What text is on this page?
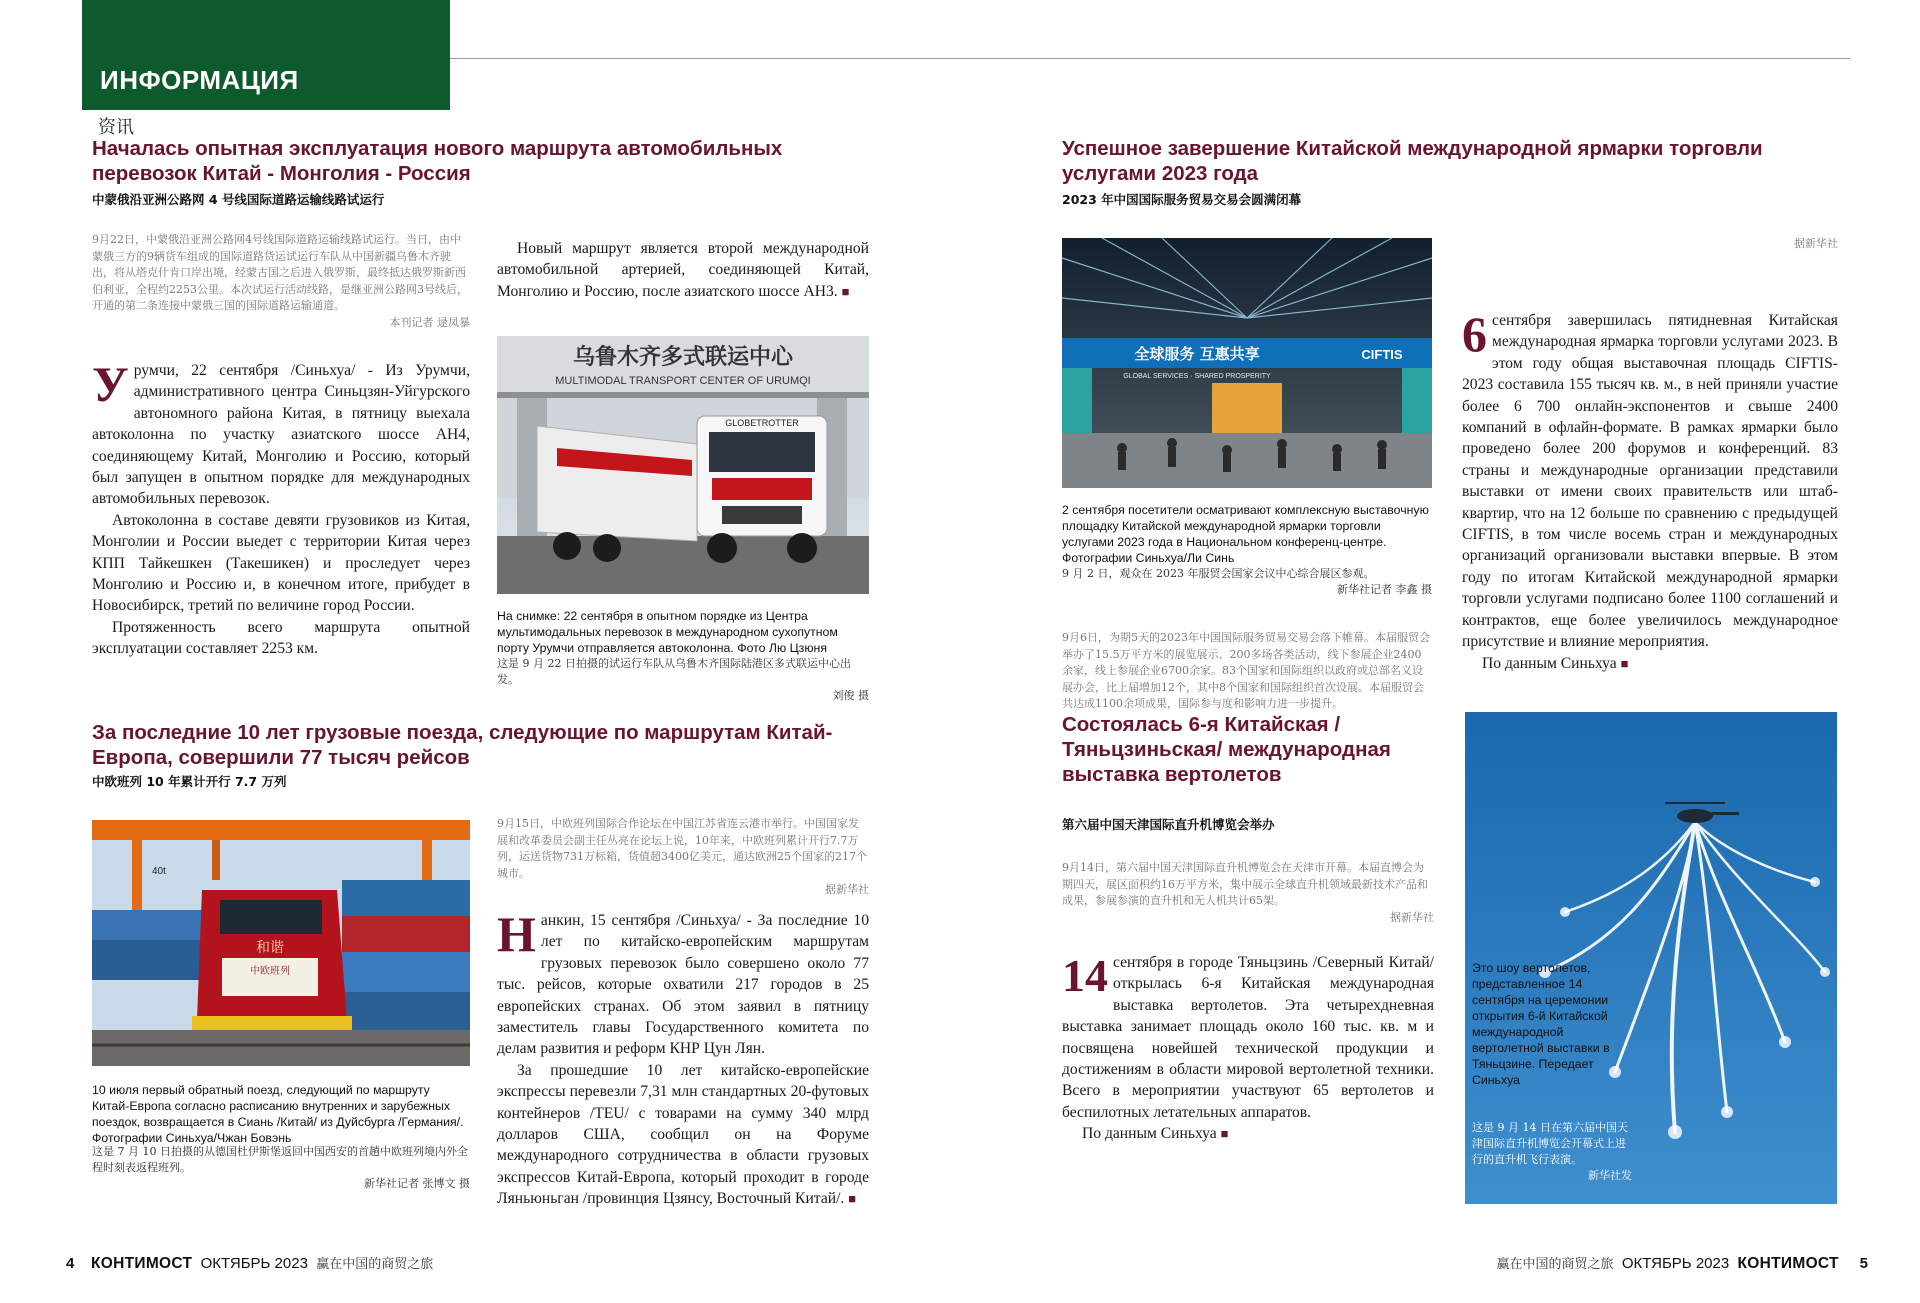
ИНФОРМАЦИЯ
资讯
Началась опытная эксплуатация нового маршрута автомобильных перевозок Китай - Монголия - Россия
中蒙俄沿亚洲公路网 4 号线国际道路运输线路试运行
9月22日，中蒙俄沿亚洲公路网4号线国际道路运输线路试运行。当日，由中蒙俄三方的9辆货车组成的国际道路货运试运行车队从中国新疆乌鲁木齐驶出，将从塔克什肯口岸出境，经蒙古国之后进入俄罗斯，最终抵达俄罗斯新西伯利亚，全程约2253公里。本次试运行活动线路，是继亚洲公路网3号线后，开通的第二条连接中蒙俄三国的国际道路运输通道。
本刊记者 逯凤暴

Урумчи, 22 сентября /Синьхуа/ - Из Урумчи, административного центра Синьцзян-Уйгурского автономного района Китая, в пятницу выехала автоколонна по участку азиатского шоссе AH4, соединяющему Китай, Монголию и Россию, который был запущен в опытном порядке для международных автомобильных перевозок.

Автоколонна в составе девяти грузовиков из Китая, Монголии и России выедет с территории Китая через КПП Тайкешкен (Такешикен) и проследует через Монголию и Россию и, в конечном итоге, прибудет в Новосибирск, третий по величине город России.

Протяженность всего маршрута опытной эксплуатации составляет 2253 км.

Новый маршрут является второй международной автомобильной артерией, соединяющей Китай, Монголию и Россию, после азиатского шоссе АН3. ■

乌鲁木齐多式联运中心
MULTIMODAL TRANSPORT CENTER OF URUMQI
GLOBETROTTER
На снимке: 22 сентября в опытном порядке из Центра мультимодальных перевозок в международном сухопутном порту Урумчи отправляется автоколонна. Фото Лю Цзюня
这是 9 月 22 日拍摄的试运行车队从乌鲁木齐国际陆港区多式联运中心出发。
刘俊 摄
За последние 10 лет грузовые поезда, следующие по маршрутам Китай-Европа, совершили 77 тысяч рейсов
中欧班列 10 年累计开行 7.7 万列
40t
和谐
中欧班列
10 июля первый обратный поезд, следующий по маршруту Китай-Европа согласно расписанию внутренних и зарубежных поездок, возвращается в Сиань /Китай/ из Дуйсбурга /Германия/. Фотографии Синьхуа/Чжан Бовэнь
这是 7 月 10 日拍摄的从德国杜伊斯堡返回中国西安的首趟中欧班列境内外全程时刻表返程班列。
新华社记者 张博文 摄
9月15日，中欧班列国际合作论坛在中国江苏省连云港市举行。中国国家发展和改革委员会副主任丛亮在论坛上说，10年来，中欧班列累计开行7.7万列，运送货物731万标箱，货值超3400亿美元，通达欧洲25个国家的217个城市。
据新华社

Нанкин, 15 сентября /Синьхуа/ - За последние 10 лет по китайско-европейским маршрутам грузовых перевозок было совершено около 77 тыс. рейсов, которые охватили 217 городов в 25 европейских странах. Об этом заявил в пятницу заместитель главы Государственного комитета по делам развития и реформ КНР Цун Лян.

За прошедшие 10 лет китайско-европейские экспрессы перевезли 7,31 млн стандартных 20-футовых контейнеров /TEU/ с товарами на сумму 340 млрд долларов США, сообщил он на Форуме международного сотрудничества в области грузовых экспрессов Китай-Европа, который проходит в городе Ляньюньган /провинция Цзянсу, Восточный Китай/. ■

Успешное завершение Китайской международной ярмарки торговли услугами 2023 года
2023 年中国国际服务贸易交易会圆满闭幕
全球服务 互惠共享
GLOBAL SERVICES · SHARED PROSPERITY
CIFTIS
2 сентября посетители осматривают комплексную выставочную площадку Китайской международной ярмарки торговли услугами 2023 года в Национальном конференц-центре. Фотографии Синьхуа/Ли Синь
9 月 2 日，观众在 2023 年服贸会国家会议中心综合展区参观。
新华社记者 李鑫 摄
9月6日，为期5天的2023年中国国际服务贸易交易会落下帷幕。本届服贸会举办了15.5万平方米的展览展示、200多场各类活动，线下参展企业2400余家，线上参展企业6700余家。83个国家和国际组织以政府或总部名义设展办会，比上届增加12个，其中8个国家和国际组织首次设展。本届服贸会共达成1100余项成果，国际参与度和影响力进一步提升。
据新华社

6 сентября завершилась пятидневная Китайская международная ярмарка торговли услугами 2023. В этом году общая выставочная площадь CIFTIS-2023 составила 155 тысяч кв. м., в ней приняли участие более 6 700 онлайн-экспонентов и свыше 2400 компаний в офлайн-формате. В рамках ярмарки было проведено более 200 форумов и конференций. 83 страны и международные организации представили выставки от имени своих правительств или штаб-квартир, что на 12 больше по сравнению с предыдущей CIFTIS, в том числе восемь стран и международных организаций организовали выставки впервые. В этом году по итогам Китайской международной ярмарки торговли услугами подписано более 1100 соглашений и контрактов, еще более увеличилось международное присутствие и влияние мероприятия.

По данным Синьхуа ■

Состоялась 6-я Китайская /Тяньцзиньская/ международная выставка вертолетов
第六届中国天津国际直升机博览会举办
9月14日，第六届中国天津国际直升机博览会在天津市开幕。本届直博会为期四天，展区面积约16万平方米，集中展示全球直升机领域最新技术产品和成果，参展参演的直升机和无人机共计65架。
据新华社

14 сентября в городе Тяньцзинь /Северный Китай/ открылась 6-я Китайская международная выставка вертолетов. Эта четырехдневная выставка занимает площадь около 160 тыс. кв. м и посвящена новейшей технической продукции и достижениям в области мировой вертолетной техники. Всего в мероприятии участвуют 65 вертолетов и беспилотных летательных аппаратов.

По данным Синьхуа ■

Это шоу вертолетов, представленное 14 сентября на церемонии открытия 6-й Китайской международной вертолетной выставки в Тяньцзине. Передает Синьхуа
这是 9 月 14 日在第六届中国天津国际直升机博览会开幕式上进行的直升机飞行表演。
新华社发
4 КОНТИМОСТ ОКТЯБРЬ 2023 赢在中国的商贸之旅	赢在中国的商贸之旅 ОКТЯБРЬ 2023 КОНТИМОСТ 5
